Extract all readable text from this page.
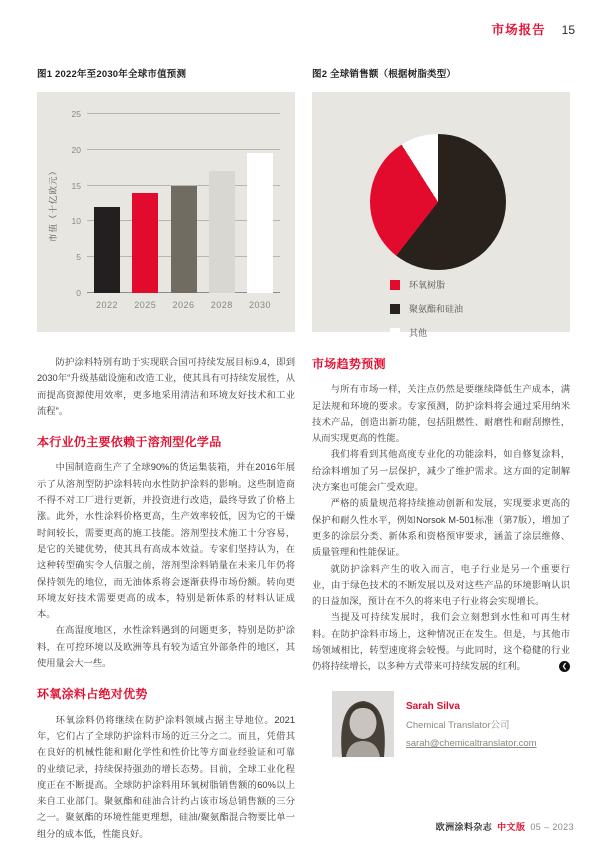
市场报告 15
图1 2022年至2030年全球市值预测	图2 全球销售额（根据树脂类型）
市值（十亿欧元）
0
5
10
15
20
25
2022 2025 2026 2028 2030
环氧树脂
聚氨酯和硅油
其他

防护涂料特别有助于实现联合国可持续发展目标9.4，即到2030年“升级基础设施和改造工业，使其具有可持续发展性，从而提高资源使用效率，更多地采用清洁和环境友好技术和工业流程”。

本行业仍主要依赖于溶剂型化学品

中国制造商生产了全球90%的货运集装箱，并在2016年展示了从溶剂型防护涂料转向水性防护涂料的影响。这些制造商不得不对工厂进行更新，并投资进行改造，最终导致了价格上涨。此外，水性涂料价格更高，生产效率较低，因为它的干燥时间较长，需要更高的施工技能。溶剂型技术施工十分容易，是它的关键优势，使其具有高成本效益。专家们坚持认为，在这种转型确实令人信服之前，溶剂型涂料销量在未来几年仍将保持领先的地位，而无油体系将会逐渐获得市场份额。转向更环境友好技术需要更高的成本，特别是新体系的材料认证成本。

在高湿度地区，水性涂料遇到的问题更多，特别是防护涂料，在可控环境以及欧洲等具有较为适宜外部条件的地区，其使用量会大一些。

环氧涂料占绝对优势

环氧涂料仍将继续在防护涂料领域占据主导地位。2021年，它们占了全球防护涂料市场的近三分之二。而且，凭借其在良好的机械性能和耐化学性和性价比等方面业经验证和可靠的业绩记录，持续保持强劲的增长态势。目前，全球工业化程度正在不断提高。全球防护涂料用环氧树脂销售额的60%以上来自工业部门。聚氨酯和硅油合计约占该市场总销售额的三分之一。聚氨酯的环境性能更理想，硅油/聚氨酯混合物要比单一组分的成本低，性能良好。

市场趋势预测

与所有市场一样，关注点仍然是要继续降低生产成本，满足法规和环境的要求。专家预测，防护涂料将会通过采用纳米技术产品，创造出新功能，包括阻燃性、耐磨性和耐刮擦性，从而实现更高的性能。

我们将看到其他高度专业化的功能涂料，如自修复涂料，给涂料增加了另一层保护，减少了维护需求。这方面的定制解决方案也可能会广受欢迎。

严格的质量规范将持续推动创新和发展，实现要求更高的保护和耐久性水平，例如Norsok M-501标准（第7版），增加了更多的涂层分类、新体系和资格预审要求，涵盖了涂层维修、质量管理和性能保证。

就防护涂料产生的收入而言，电子行业是另一个重要行业，由于绿色技术的不断发展以及对这些产品的环境影响认识的日益加深，预计在不久的将来电子行业将会实现增长。

当提及可持续发展时，我们会立刻想到水性和可再生材料。在防护涂料市场上，这种情况正在发生。但是，与其他市场领域相比，转型速度将会较慢。与此同时，这个稳健的行业仍将持续增长，以多种方式带来可持续发展的红利。	❮
Sarah Silva
Chemical Translator公司
sarah@chemicaltranslator.com
欧洲涂料杂志 中文版 05 – 2023
